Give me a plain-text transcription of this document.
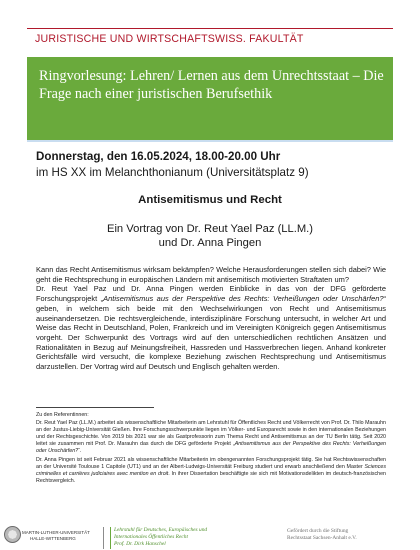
JURISTISCHE UND WIRTSCHAFTSWISS. FAKULTÄT
Ringvorlesung: Lehren/ Lernen aus dem Unrechtsstaat – Die Frage nach einer juristischen Berufsethik
Donnerstag, den 16.05.2024, 18.00-20.00 Uhr
im HS XX im Melanchthonianum (Universitätsplatz 9)
Antisemitismus und Recht
Ein Vortrag von Dr. Reut Yael Paz (LL.M.)
und Dr. Anna Pingen

Kann das Recht Antisemitismus wirksam bekämpfen? Welche Herausforderungen stellen sich dabei? Wie geht die Rechtsprechung in europäischen Ländern mit antisemitisch motivierten Straftaten um?

Dr. Reut Yael Paz und Dr. Anna Pingen werden Einblicke in das von der DFG geförderte Forschungsprojekt „Antisemitismus aus der Perspektive des Rechts: Verheißungen oder Unschärfen?“ geben, in welchem sich beide mit den Wechselwirkungen von Recht und Antisemitismus auseinandersetzen. Die rechtsvergleichende, interdisziplinäre Forschung untersucht, in welcher Art und Weise das Recht in Deutschland, Polen, Frankreich und im Vereinigten Königreich gegen Antisemitismus vorgeht. Der Schwerpunkt des Vortrags wird auf den unterschiedlichen rechtlichen Ansätzen und Rationalitäten in Bezug auf Meinungsfreiheit, Hassreden und Hassverbrechen liegen. Anhand konkreter Gerichtsfälle wird versucht, die komplexe Beziehung zwischen Rechtsprechung und Antisemitismus darzustellen. Der Vortrag wird auf Deutsch und Englisch gehalten werden.

Zu den Referentinnen:

Dr. Reut Yael Paz (LL.M.) arbeitet als wissenschaftliche Mitarbeiterin am Lehrstuhl für Öffentliches Recht und Völkerrecht von Prof. Dr. Thilo Marauhn an der Justus-Liebig-Universität Gießen. Ihre Forschungsschwerpunkte liegen im Völker- und Europarecht sowie in den internationalen Beziehungen und der Rechtsgeschichte. Von 2019 bis 2021 war sie als Gastprofessorin zum Thema Recht und Antisemitismus an der TU Berlin tätig. Seit 2020 leitet sie zusammen mit Prof. Dr. Marauhn das durch die DFG geförderte Projekt „Antisemitismus aus der Perspektive des Rechts: Verheißungen oder Unschärfen?“.

Dr. Anna Pingen ist seit Februar 2021 als wissenschaftliche Mitarbeiterin im obengenannten Forschungsprojekt tätig. Sie hat Rechtswissenschaften an der Université Toulouse 1 Capitole (UT1) und an der Albert-Ludwigs-Universität Freiburg studiert und erwarb anschließend den Master Sciences criminelles et carrières judiciaires avec mention en droit. In ihrer Dissertation beschäftigte sie sich mit Motivationsdelikten im deutsch-französischen Rechtsvergleich.

MARTIN-LUTHER-UNIVERSITÄT
HALLE-WITTENBERG
Lehrstuhl für Deutsches, Europäisches und
Internationales Öffentliches Recht
Prof. Dr. Dirk Hanschel
Gefördert durch die Stiftung
Rechtsstaat Sachsen-Anhalt e.V.
